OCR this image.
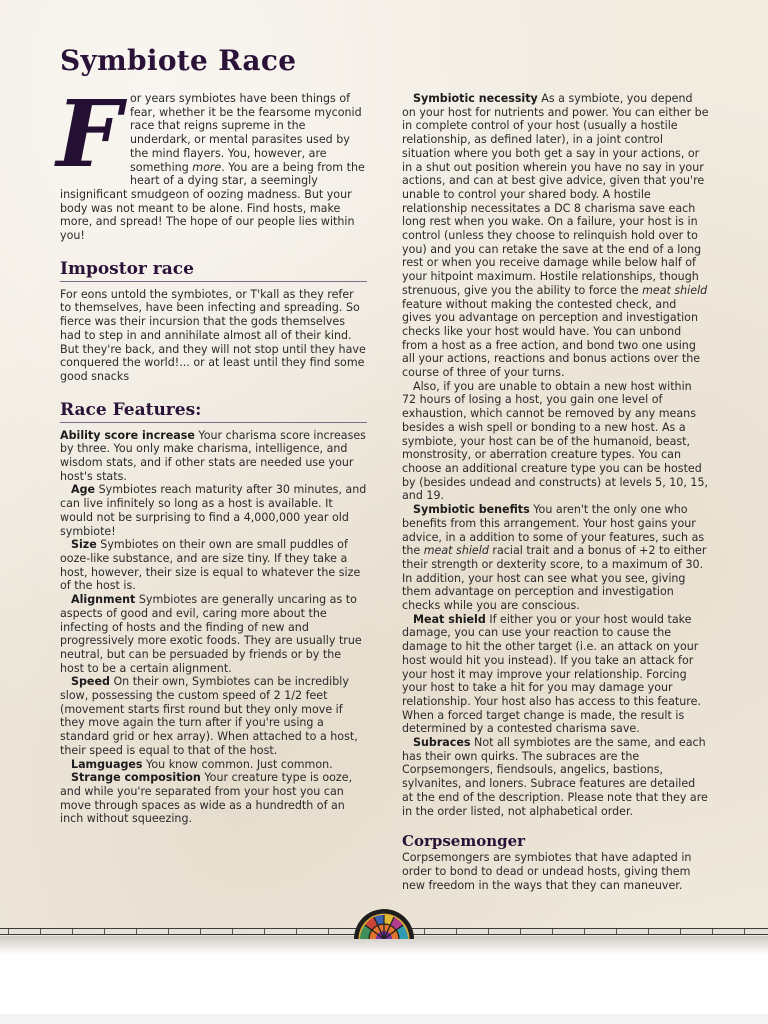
Symbiote Race
F or years symbiotes have been things of fear, whether it be the fearsome myconid race that reigns supreme in the underdark, or mental parasites used by the mind flayers. You, however, are something more. You are a being from the heart of a dying star, a seemingly insignificant smudgeon of oozing madness. But your body was not meant to be alone. Find hosts, make more, and spread! The hope of our people lies within you!

Impostor race

For eons untold the symbiotes, or T'kall as they refer to themselves, have been infecting and spreading. So fierce was their incursion that the gods themselves had to step in and annihilate almost all of their kind. But they're back, and they will not stop until they have conquered the world!... or at least until they find some good snacks

Race Features:

Ability score increase Your charisma score increases by three. You only make charisma, intelligence, and wisdom stats, and if other stats are needed use your host's stats.

Age Symbiotes reach maturity after 30 minutes, and can live infinitely so long as a host is available. It would not be surprising to find a 4,000,000 year old symbiote!

Size Symbiotes on their own are small puddles of ooze-like substance, and are size tiny. If they take a host, however, their size is equal to whatever the size of the host is.

Alignment Symbiotes are generally uncaring as to aspects of good and evil, caring more about the infecting of hosts and the finding of new and progressively more exotic foods. They are usually true neutral, but can be persuaded by friends or by the host to be a certain alignment.

Speed On their own, Symbiotes can be incredibly slow, possessing the custom speed of 2 1/2 feet (movement starts first round but they only move if they move again the turn after if you're using a standard grid or hex array). When attached to a host, their speed is equal to that of the host.

Lamguages You know common. Just common.

Strange composition Your creature type is ooze, and while you're separated from your host you can move through spaces as wide as a hundredth of an inch without squeezing.

Symbiotic necessity As a symbiote, you depend on your host for nutrients and power. You can either be in complete control of your host (usually a hostile relationship, as defined later), in a joint control situation where you both get a say in your actions, or in a shut out position wherein you have no say in your actions, and can at best give advice, given that you're unable to control your shared body. A hostile relationship necessitates a DC 8 charisma save each long rest when you wake. On a failure, your host is in control (unless they choose to relinquish hold over to you) and you can retake the save at the end of a long rest or when you receive damage while below half of your hitpoint maximum. Hostile relationships, though strenuous, give you the ability to force the meat shield feature without making the contested check, and gives you advantage on perception and investigation checks like your host would have. You can unbond from a host as a free action, and bond two one using all your actions, reactions and bonus actions over the course of three of your turns.

Also, if you are unable to obtain a new host within 72 hours of losing a host, you gain one level of exhaustion, which cannot be removed by any means besides a wish spell or bonding to a new host. As a symbiote, your host can be of the humanoid, beast, monstrosity, or aberration creature types. You can choose an additional creature type you can be hosted by (besides undead and constructs) at levels 5, 10, 15, and 19.

Symbiotic benefits You aren't the only one who benefits from this arrangement. Your host gains your advice, in a addition to some of your features, such as the meat shield racial trait and a bonus of +2 to either their strength or dexterity score, to a maximum of 30. In addition, your host can see what you see, giving them advantage on perception and investigation checks while you are conscious.

Meat shield If either you or your host would take damage, you can use your reaction to cause the damage to hit the other target (i.e. an attack on your host would hit you instead). If you take an attack for your host it may improve your relationship. Forcing your host to take a hit for you may damage your relationship. Your host also has access to this feature. When a forced target change is made, the result is determined by a contested charisma save.

Subraces Not all symbiotes are the same, and each has their own quirks. The subraces are the Corpsemongers, fiendsouls, angelics, bastions, sylvanites, and loners. Subrace features are detailed at the end of the description. Please note that they are in the order listed, not alphabetical order.

Corpsemonger

Corpsemongers are symbiotes that have adapted in order to bond to dead or undead hosts, giving them new freedom in the ways that they can maneuver.
